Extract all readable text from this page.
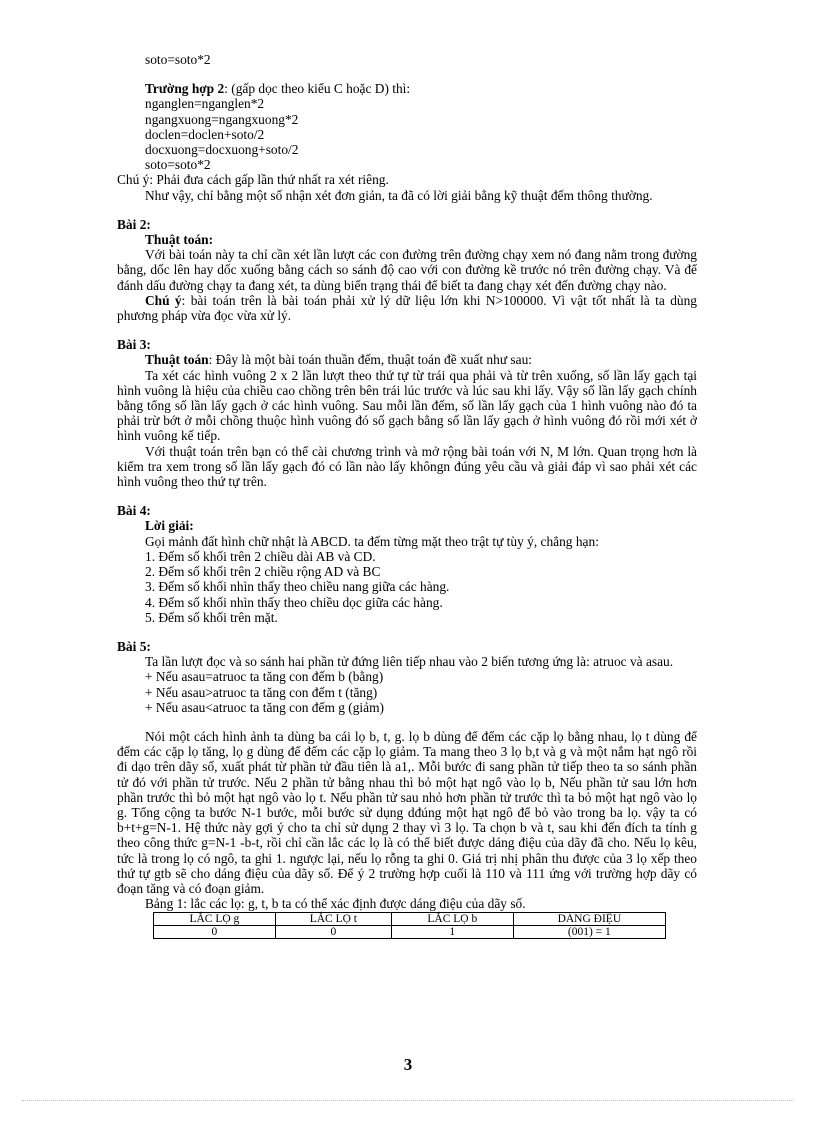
soto=soto*2

Trường hợp 2: (gấp dọc theo kiểu C hoặc D) thì:

nganglen=nganglen*2

ngangxuong=ngangxuong*2

doclen=doclen+soto/2

docxuong=docxuong+soto/2

soto=soto*2

Chú ý: Phải đưa cách gấp lần thứ nhất ra xét riêng.

Như vậy, chỉ bằng một số nhận xét đơn giản, ta đã có lời giải bằng kỹ thuật đếm thông thường.

Bài 2:

Thuật toán:

Với bài toán này ta chỉ cần xét lần lượt các con đường trên đường chạy xem nó đang nằm trong đường bằng, dốc lên hay dốc xuống bằng cách so sánh độ cao với con đường kề trước nó trên đường chạy. Và để đánh dấu đường chạy ta đang xét, ta dùng biến trạng thái để biết ta đang chạy xét đến đường chạy nào.

Chú ý: bài toán trên là bài toán phải xử lý dữ liệu lớn khi N>100000. Vì vật tốt nhất là ta dùng phương pháp vừa đọc vừa xử lý.

Bài 3:

Thuật toán: Đây là một bài toán thuần đếm, thuật toán đề xuất như sau:

Ta xét các hình vuông 2 x 2 lần lượt theo thứ tự từ trái qua phải và từ trên xuống, số lần lấy gạch tại hình vuông là hiệu của chiều cao chồng trên bên trái lúc trước và lúc sau khi lấy. Vậy số lần lấy gạch chính bằng tổng số lần lấy gạch ở các hình vuông. Sau mỗi lần đếm, số lần lấy gạch của 1 hình vuông nào đó ta phải trừ bớt ở mỗi chồng thuộc hình vuông đó số gạch bằng số lần lấy gạch ở hình vuông đó rồi mới xét ở hình vuông kế tiếp.

Với thuật toán trên bạn có thể cài chương trình và mở rộng bài toán với N, M lớn. Quan trọng hơn là kiểm tra xem trong số lần lấy gạch đó có lần nào lấy khôngn đúng yêu cầu và giải đáp vì sao phải xét các hình vuông theo thứ tự trên.

Bài 4:

Lời giải:

Gọi mảnh đất hình chữ nhật là ABCD. ta đếm từng mặt theo trật tự tùy ý, chẳng hạn:

1. Đếm số khối trên 2 chiều dài AB và CD.

2. Đếm số khối trên 2 chiều rộng AD và BC

3. Đếm số khối nhìn thấy theo chiều nang giữa các hàng.

4. Đếm số khối nhìn thấy theo chiều dọc giữa các hàng.

5. Đếm số khối trên mặt.

Bài 5:

Ta lần lượt đọc và so sánh hai phần tử đứng liên tiếp nhau vào 2 biến tương ứng là: atruoc và asau.

+ Nếu asau=atruoc ta tăng con đếm b (bằng)

+ Nếu asau>atruoc ta tăng con đếm t (tăng)

+ Nếu asau<atruoc ta tăng con đếm g (giảm)

Nói một cách hình ảnh ta dùng ba cái lọ b, t, g. lọ b dùng để đếm các cặp lọ bằng nhau, lọ t dùng để đếm các cặp lọ tăng, lọ g dùng để đếm các cặp lọ giảm. Ta mang theo 3 lọ b,t và g và một nắm hạt ngô rồi đi dạo trên dãy số, xuất phát từ phần tử đầu tiên là a1,. Mỗi bước đi sang phần tử tiếp theo ta so sánh phần tử đó với phần tử trước. Nếu 2 phần tử bằng nhau thì bỏ một hạt ngô vào lọ b, Nếu phần tử sau lớn hơn phần trước thì bỏ một hạt ngô vào lọ t. Nếu phần tử sau nhỏ hơn phần tử trước thì ta bỏ một hạt ngô vào lọ g. Tổng cộng ta bước N-1 bước, mỗi bước sử dụng dđúng một hạt ngô để bỏ vào trong ba lọ. vậy ta có b+t+g=N-1. Hệ thức này gợi ý cho ta chỉ sử dụng 2 thay vì 3 lọ. Ta chọn b và t, sau khi đến đích ta tính g theo công thức g=N-1 -b-t, rồi chỉ cần lắc các lọ là có thể biết được dáng điệu của dãy đã cho. Nếu lọ kêu, tức là trong lọ có ngô, ta ghi 1. ngược lại, nếu lọ rỗng ta ghi 0. Giá trị nhị phân thu được của 3 lọ xếp theo thứ tự gtb sẽ cho dáng điệu của dãy số. Để ý 2 trường hợp cuối là 110 và 111 ứng với trường hợp dãy có đoạn tăng và có đoạn giảm.

Bảng 1: lắc các lọ: g, t, b ta có thể xác định được dáng điệu của dãy số.

LẮC LỌ g	LẮC LỌ t	LẮC LỌ b	DÁNG ĐIỆU
0	0	1	(001) = 1
3
